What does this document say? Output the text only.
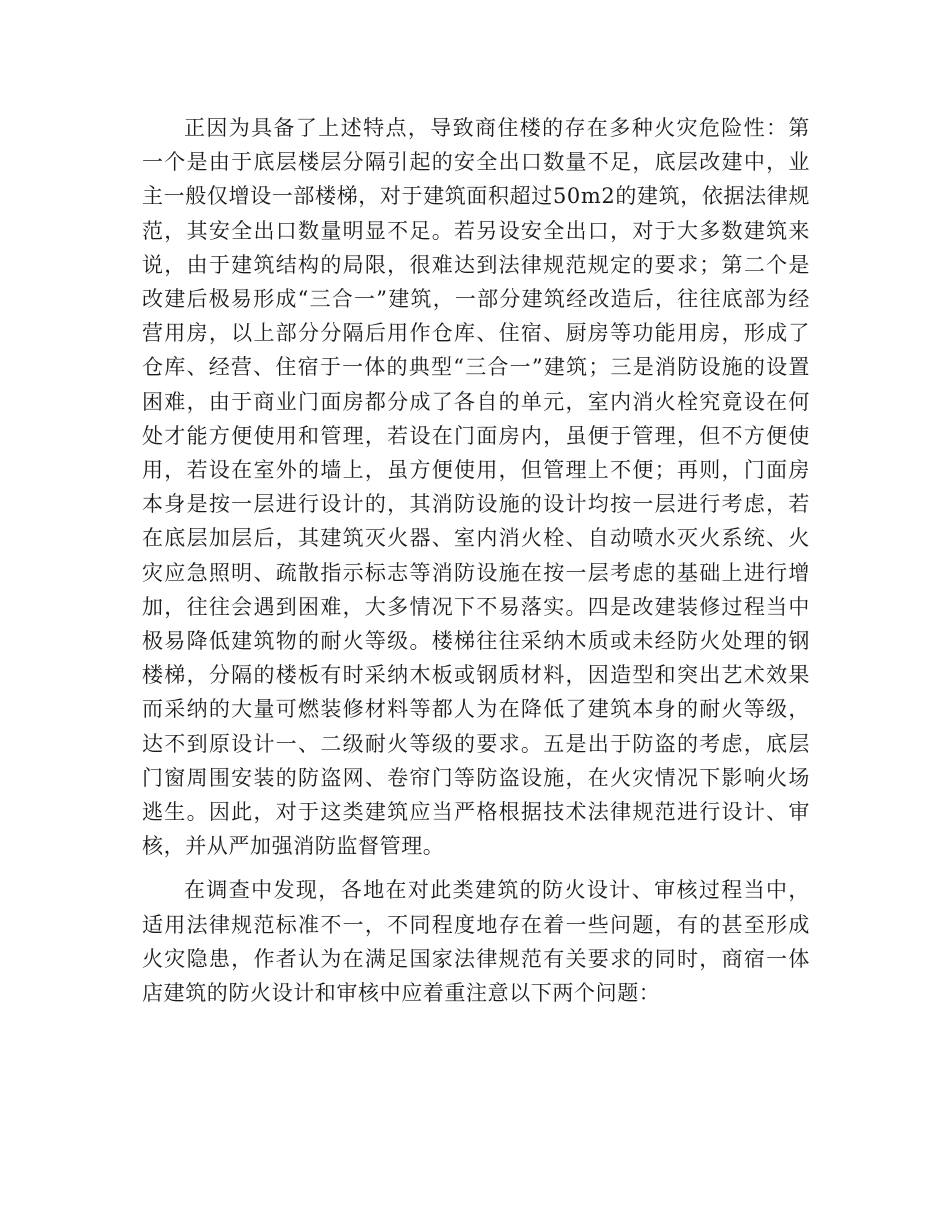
正因为具备了上述特点，导致商住楼的存在多种火灾危险性：第一个是由于底层楼层分隔引起的安全出口数量不足，底层改建中，业主一般仅增设一部楼梯，对于建筑面积超过50m2的建筑，依据法律规范，其安全出口数量明显不足。若另设安全出口，对于大多数建筑来说，由于建筑结构的局限，很难达到法律规范规定的要求；第二个是改建后极易形成“三合一”建筑，一部分建筑经改造后，往往底部为经营用房，以上部分分隔后用作仓库、住宿、厨房等功能用房，形成了仓库、经营、住宿于一体的典型“三合一”建筑；三是消防设施的设置困难，由于商业门面房都分成了各自的单元，室内消火栓究竟设在何处才能方便使用和管理，若设在门面房内，虽便于管理，但不方便使用，若设在室外的墙上，虽方便使用，但管理上不便；再则，门面房本身是按一层进行设计的，其消防设施的设计均按一层进行考虑，若在底层加层后，其建筑灭火器、室内消火栓、自动喷水灭火系统、火灾应急照明、疏散指示标志等消防设施在按一层考虑的基础上进行增加，往往会遇到困难，大多情况下不易落实。四是改建装修过程当中极易降低建筑物的耐火等级。楼梯往往采纳木质或未经防火处理的钢楼梯，分隔的楼板有时采纳木板或钢质材料，因造型和突出艺术效果而采纳的大量可燃装修材料等都人为在降低了建筑本身的耐火等级，达不到原设计一、二级耐火等级的要求。五是出于防盗的考虑，底层门窗周围安装的防盗网、卷帘门等防盗设施，在火灾情况下影响火场逃生。因此，对于这类建筑应当严格根据技术法律规范进行设计、审核，并从严加强消防监督管理。

在调查中发现，各地在对此类建筑的防火设计、审核过程当中，适用法律规范标准不一，不同程度地存在着一些问题，有的甚至形成火灾隐患，作者认为在满足国家法律规范有关要求的同时，商宿一体店建筑的防火设计和审核中应着重注意以下两个问题：
